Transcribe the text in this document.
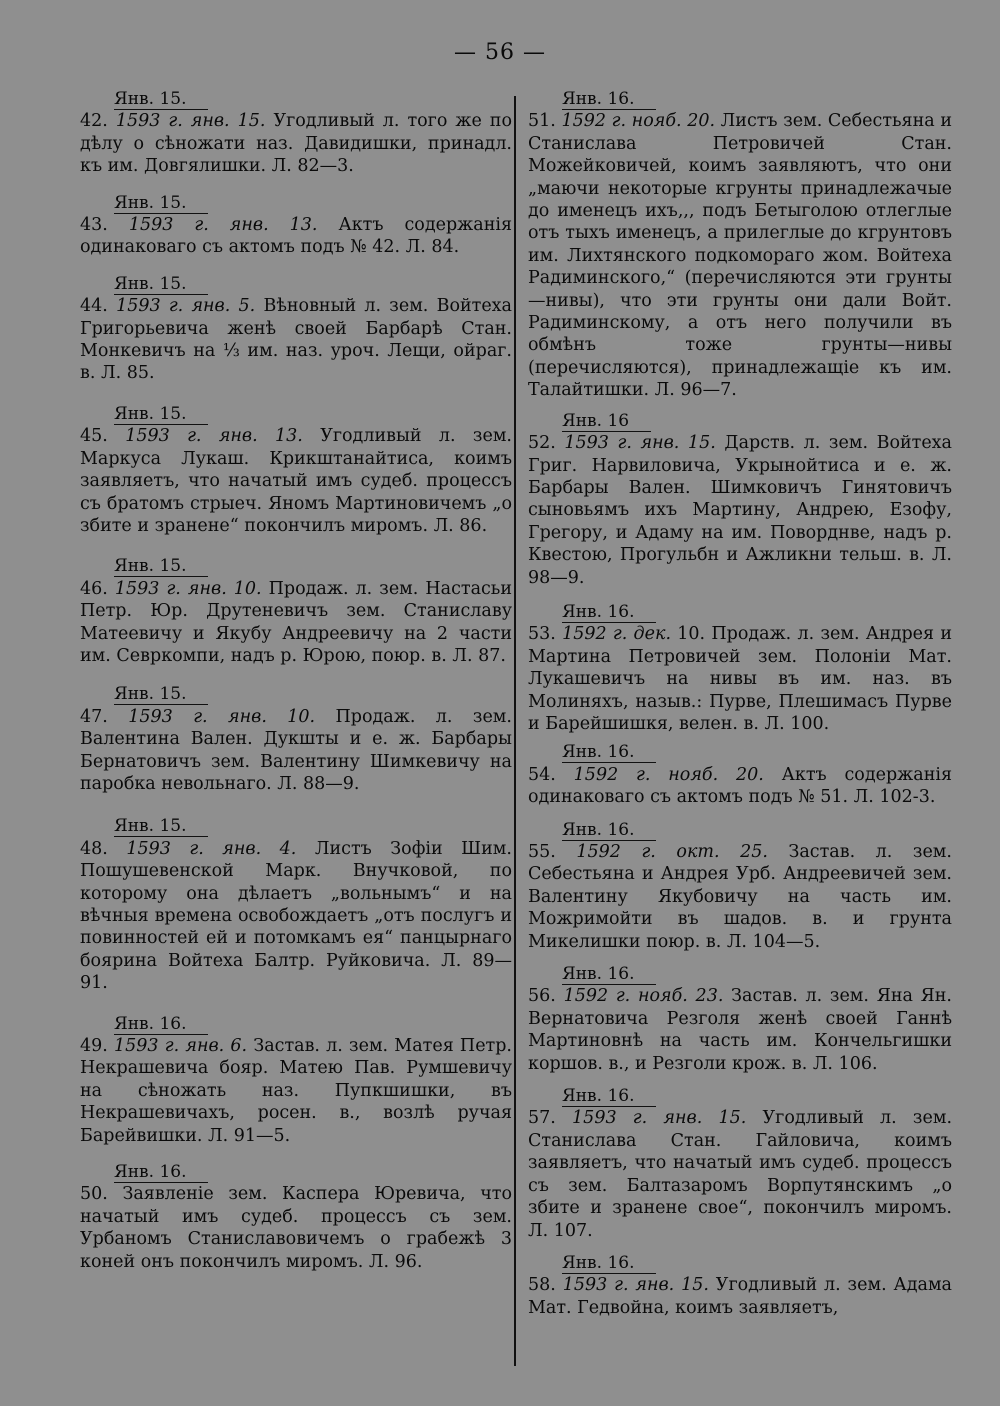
— 56 —
Янв. 15.

42. 1593 г. янв. 15. Угодливый л. того же по дѣлу о сѣножати наз. Давидишки, принадл. къ им. Довгялишки. Л. 82—3.

Янв. 15.

43. 1593 г. янв. 13. Актъ содержанія одинаковаго съ актомъ подъ № 42. Л. 84.

Янв. 15.

44. 1593 г. янв. 5. Вѣновный л. зем. Войтеха Григорьевича женѣ своей Барбарѣ Стан. Монкевичъ на ⅓ им. наз. уроч. Лещи, ойраг. в. Л. 85.

Янв. 15.

45. 1593 г. янв. 13. Угодливый л. зем. Маркуса Лукаш. Крикштанайтиса, коимъ заявляетъ, что начатый имъ судеб. процессъ съ братомъ стрыеч. Яномъ Мартиновичемъ „о збите и зранене“ покончилъ миромъ. Л. 86.

Янв. 15.

46. 1593 г. янв. 10. Продаж. л. зем. Настасьи Петр. Юр. Друтеневичъ зем. Станиславу Матеевичу и Якубу Андреевичу на 2 части им. Севркомпи, надъ р. Юрою, поюр. в. Л. 87.

Янв. 15.

47. 1593 г. янв. 10. Продаж. л. зем. Валентина Вален. Дукшты и е. ж. Барбары Бернатовичъ зем. Валентину Шимкевичу на паробка невольнаго. Л. 88—9.

Янв. 15.

48. 1593 г. янв. 4. Листъ Зофіи Шим. Пошушевенской Марк. Внучковой, по которому она дѣлаетъ „вольнымъ“ и на вѣчныя времена освобождаетъ „отъ послугъ и повинностей ей и потомкамъ ея“ панцырнаго боярина Войтеха Балтр. Руйковича. Л. 89—91.

Янв. 16.

49. 1593 г. янв. 6. Застав. л. зем. Матея Петр. Некрашевича бояр. Матею Пав. Румшевичу на сѣножать наз. Пупкшишки, въ Некрашевичахъ, росен. в., возлѣ ручая Барейвишки. Л. 91—5.

Янв. 16.

50. Заявленіе зем. Каспера Юревича, что начатый имъ судеб. процессъ съ зем. Урбаномъ Станиславовичемъ о грабежѣ 3 коней онъ покончилъ миромъ. Л. 96.

Янв. 16.

51. 1592 г. нояб. 20. Листъ зем. Себестьяна и Станислава Петровичей Стан. Можейковичей, коимъ заявляютъ, что они „маючи некоторые кгрунты принадлежачые до именецъ ихъ,,, подъ Бетыголою отлеглые отъ тыхъ именецъ, а прилеглые до кгрунтовъ им. Лихтянского подкомораго жом. Войтеха Радиминского,“ (перечисляются эти грунты—нивы), что эти грунты они дали Войт. Радиминскому, а отъ него получили въ обмѣнъ тоже грунты—нивы (перечисляются), принадлежащіе къ им. Талайтишки. Л. 96—7.

Янв. 16

52. 1593 г. янв. 15. Дарств. л. зем. Войтеха Григ. Нарвиловича, Укрынойтиса и е. ж. Барбары Вален. Шимковичъ Гинятовичъ сыновьямъ ихъ Мартину, Андрею, Езофу, Грегору, и Адаму на им. Поворднве, надъ р. Квестою, Прогульбн и Ажликни тельш. в. Л. 98—9.

Янв. 16.

53. 1592 г. дек. 10. Продаж. л. зем. Андрея и Мартина Петровичей зем. Полоніи Мат. Лукашевичъ на нивы въ им. наз. въ Молиняхъ, назыв.: Пурве, Плешимасъ Пурве и Барейшишкя, велен. в. Л. 100.

Янв. 16.

54. 1592 г. нояб. 20. Актъ содержанія одинаковаго съ актомъ подъ № 51. Л. 102-3.

Янв. 16.

55. 1592 г. окт. 25. Застав. л. зем. Себестьяна и Андрея Урб. Андреевичей зем. Валентину Якубовичу на часть им. Можримойти въ шадов. в. и грунта Микелишки поюр. в. Л. 104—5.

Янв. 16.

56. 1592 г. нояб. 23. Застав. л. зем. Яна Ян. Вернатовича Резголя женѣ своей Ганнѣ Мартиновнѣ на часть им. Кончельгишки коршов. в., и Резголи крож. в. Л. 106.

Янв. 16.

57. 1593 г. янв. 15. Угодливый л. зем. Станислава Стан. Гайловича, коимъ заявляетъ, что начатый имъ судеб. процессъ съ зем. Балтазаромъ Ворпутянскимъ „о збите и зранене свое“, покончилъ миромъ. Л. 107.

Янв. 16.

58. 1593 г. янв. 15. Угодливый л. зем. Адама Мат. Гедвойна, коимъ заявляетъ,
